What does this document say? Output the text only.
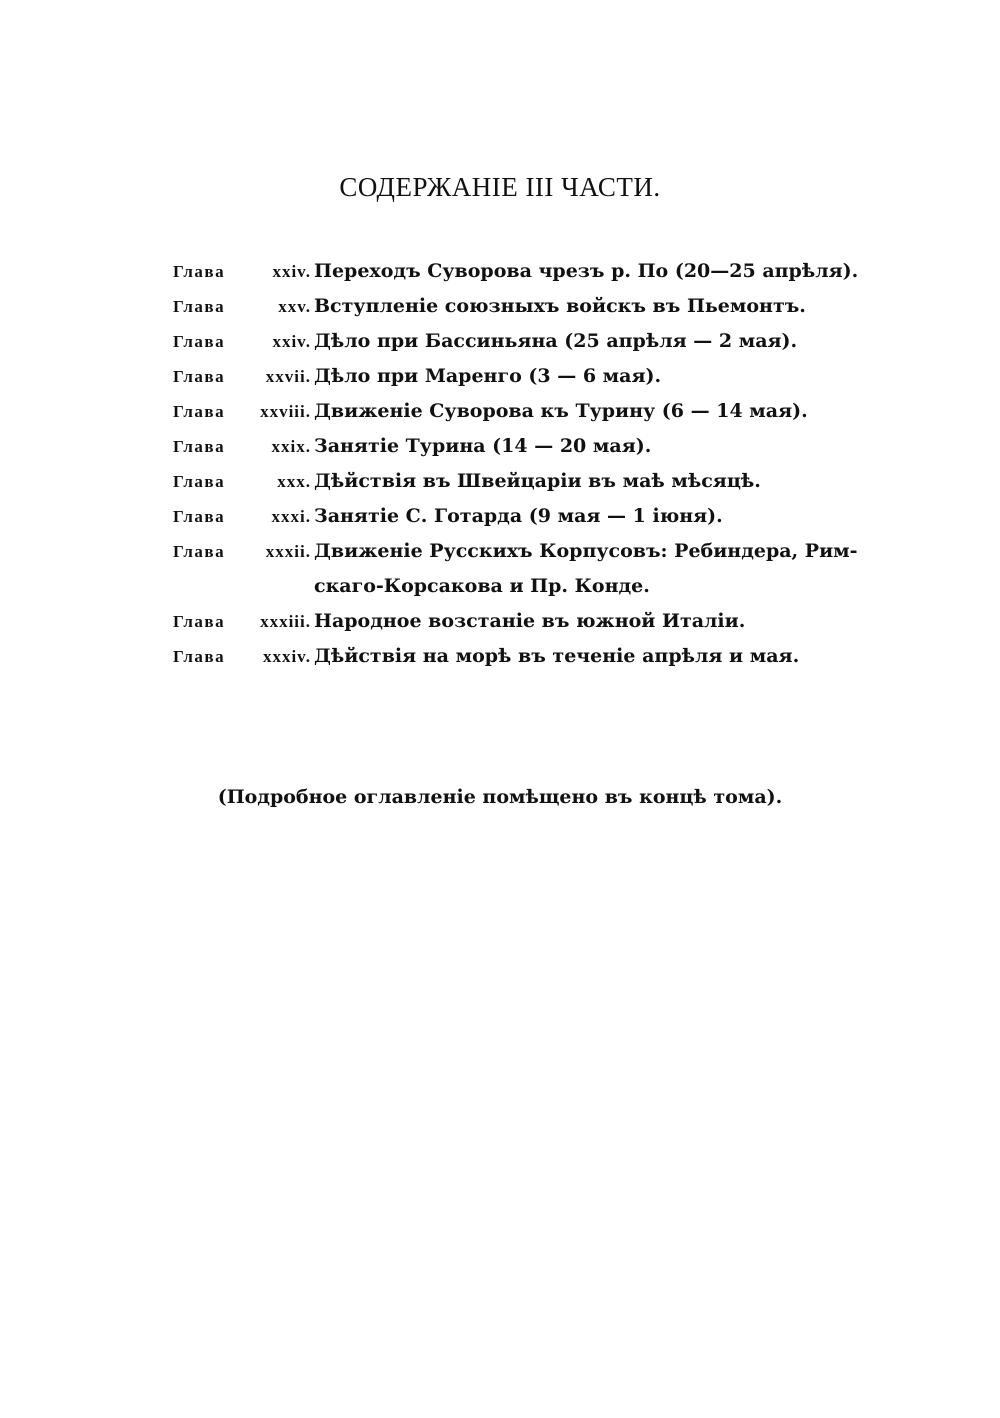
СОДЕРЖАНІЕ III ЧАСТИ.
Глава	xxiv. Переходъ Суворова чрезъ р. По (20—25 апрѣля).
Глава	xxv. Вступленіе союзныхъ войскъ въ Пьемонтъ.
Глава	xxiv. Дѣло при Бассиньяна (25 апрѣля — 2 мая).
Глава xxvii. Дѣло при Маренго (3 — 6 мая).
Глава xxviii. Движеніе Суворова къ Турину (6 — 14 мая).
Глава	xxix. Занятіе Турина (14 — 20 мая).
Глава	xxx. Дѣйствія въ Швейцаріи въ маѣ мѣсяцѣ.
Глава	xxxi. Занятіе С. Готарда (9 мая — 1 іюня).
Глава xxxii. Движеніе Русскихъ Корпусовъ: Ребиндера, Рим-
скаго-Корсакова и Пр. Конде.
Глава xxxiii. Народное возстаніе въ южной Италіи.
Глава xxxiv. Дѣйствія на морѣ въ теченіе апрѣля и мая.
(Подробное оглавленіе помѣщено въ концѣ тома).
